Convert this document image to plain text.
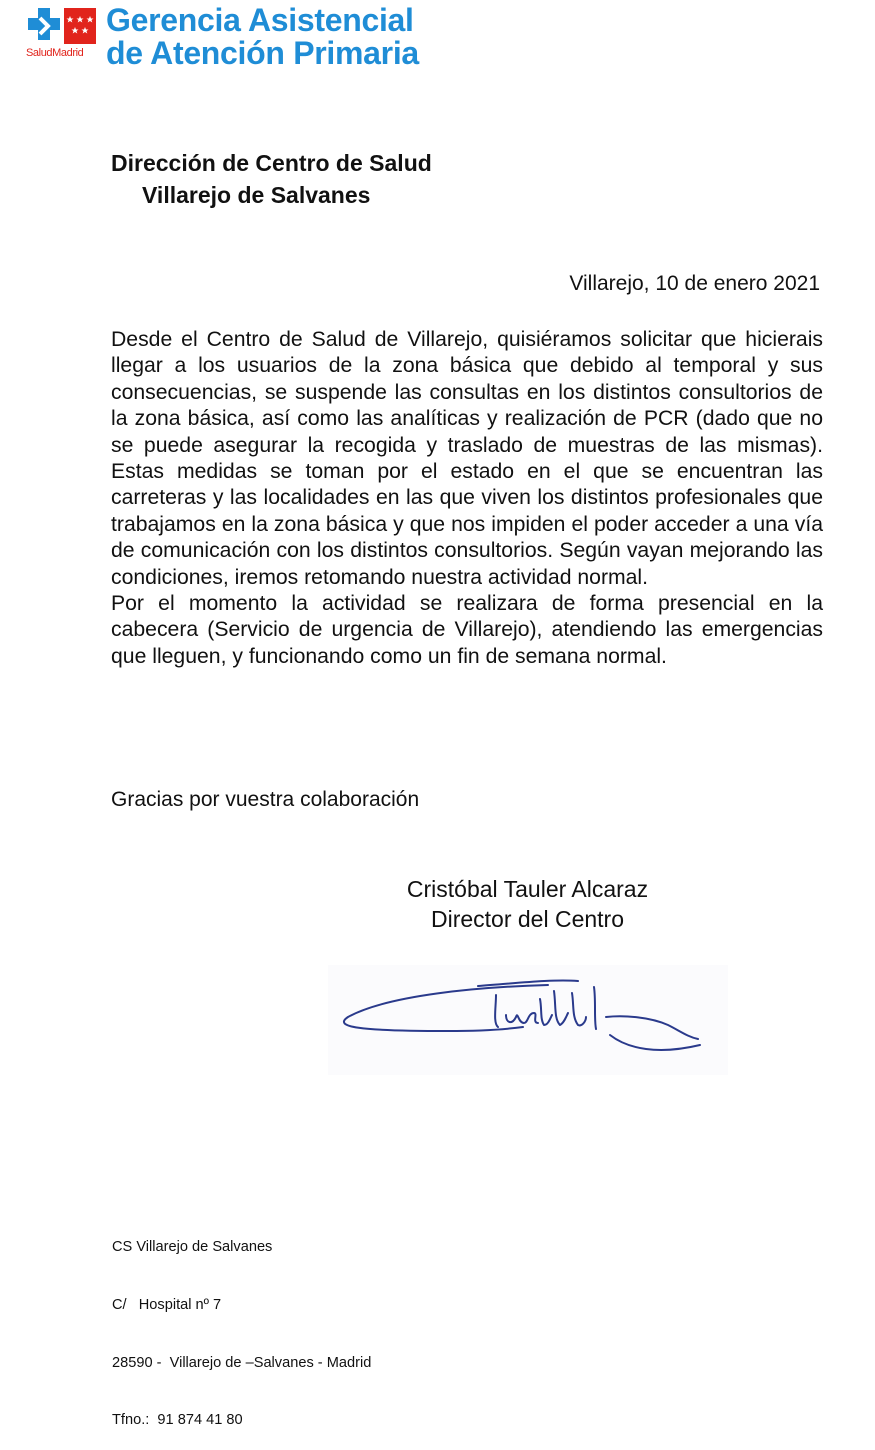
SaludMadrid
Gerencia Asistencial
de Atención Primaria
Dirección de Centro de Salud
Villarejo de Salvanes
Villarejo, 10 de enero 2021

Desde el Centro de Salud de Villarejo, quisiéramos solicitar que hicierais llegar a los usuarios de la zona básica que debido al temporal y sus consecuencias, se suspende las consultas en los distintos consultorios de la zona básica, así como las analíticas y realización de PCR (dado que no se puede asegurar la recogida y traslado de muestras de las mismas). Estas medidas se toman por el estado en el que se encuentran las carreteras y las localidades en las que viven los distintos profesionales que trabajamos en la zona básica y que nos impiden el poder acceder a una vía de comunicación con los distintos consultorios. Según vayan mejorando las condiciones, iremos retomando nuestra actividad normal.

Por el momento la actividad se realizara de forma presencial en la cabecera (Servicio de urgencia de Villarejo), atendiendo las emergencias que lleguen, y funcionando como un fin de semana normal.

Gracias por vuestra colaboración
Cristóbal Tauler Alcaraz
Director del Centro

CS Villarejo de Salvanes

C/   Hospital nº 7

28590 -  Villarejo de –Salvanes - Madrid

Tfno.:  91 874 41 80
